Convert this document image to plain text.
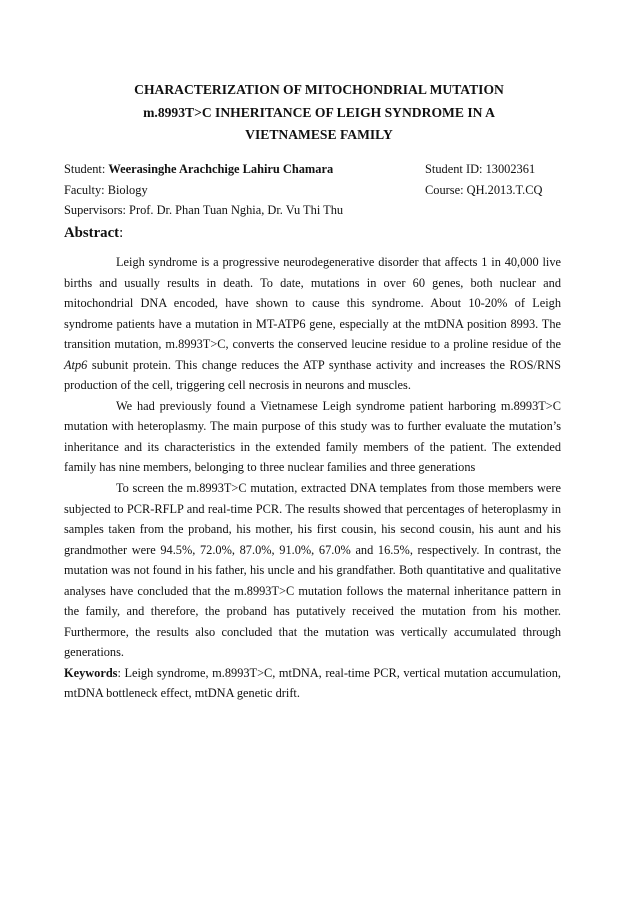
CHARACTERIZATION OF MITOCHONDRIAL MUTATION
m.8993T>C INHERITANCE OF LEIGH SYNDROME IN A
VIETNAMESE FAMILY
Student: Weerasinghe Arachchige Lahiru Chamara	Student ID: 13002361
Faculty: Biology	Course: QH.2013.T.CQ
Supervisors: Prof. Dr. Phan Tuan Nghia, Dr. Vu Thi Thu
Abstract:

Leigh syndrome is a progressive neurodegenerative disorder that affects 1 in 40,000 live births and usually results in death. To date, mutations in over 60 genes, both nuclear and mitochondrial DNA encoded, have shown to cause this syndrome. About 10-20% of Leigh syndrome patients have a mutation in MT-ATP6 gene, especially at the mtDNA position 8993. The transition mutation, m.8993T>C, converts the conserved leucine residue to a proline residue of the Atp6 subunit protein. This change reduces the ATP synthase activity and increases the ROS/RNS production of the cell, triggering cell necrosis in neurons and muscles.

We had previously found a Vietnamese Leigh syndrome patient harboring m.8993T>C mutation with heteroplasmy. The main purpose of this study was to further evaluate the mutation’s inheritance and its characteristics in the extended family members of the patient. The extended family has nine members, belonging to three nuclear families and three generations

To screen the m.8993T>C mutation, extracted DNA templates from those members were subjected to PCR-RFLP and real-time PCR. The results showed that percentages of heteroplasmy in samples taken from the proband, his mother, his first cousin, his second cousin, his aunt and his grandmother were 94.5%, 72.0%, 87.0%, 91.0%, 67.0% and 16.5%, respectively. In contrast, the mutation was not found in his father, his uncle and his grandfather. Both quantitative and qualitative analyses have concluded that the m.8993T>C mutation follows the maternal inheritance pattern in the family, and therefore, the proband has putatively received the mutation from his mother. Furthermore, the results also concluded that the mutation was vertically accumulated through generations.

Keywords: Leigh syndrome, m.8993T>C, mtDNA, real-time PCR, vertical mutation accumulation, mtDNA bottleneck effect, mtDNA genetic drift.
